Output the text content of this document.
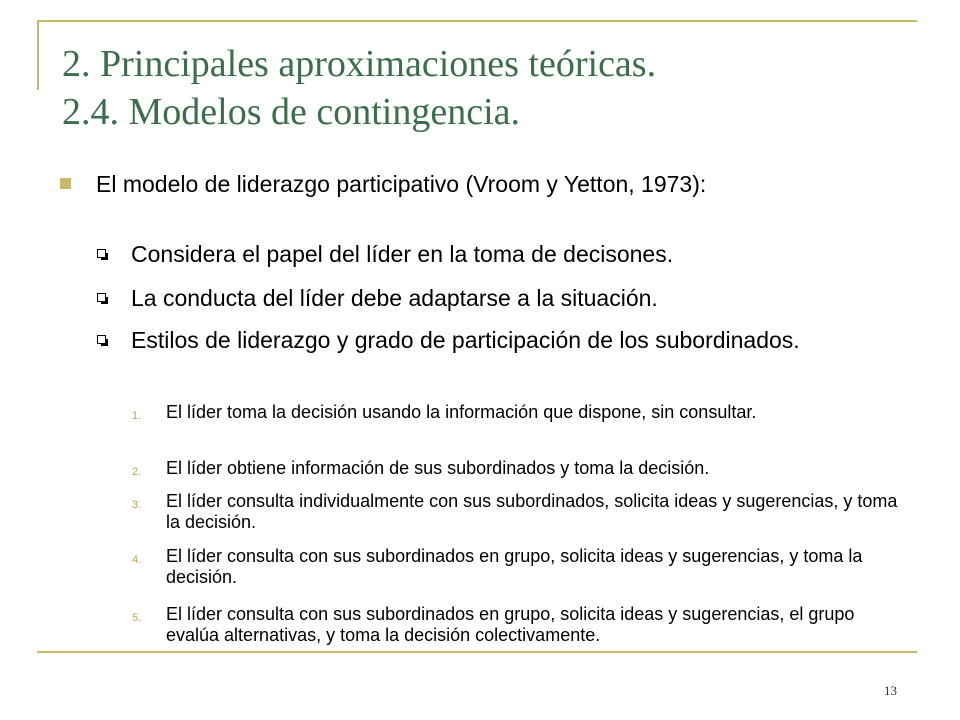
2. Principales aproximaciones teóricas.
2.4. Modelos de contingencia.
El modelo de liderazgo participativo (Vroom y Yetton, 1973):
Considera el papel del líder en la toma de decisones.
La conducta del líder debe adaptarse a la situación.
Estilos de liderazgo y grado de participación de los subordinados.
1. El líder toma la decisión usando la información que dispone, sin consultar.
2. El líder obtiene información de sus subordinados y toma la decisión.
3. El líder consulta individualmente con sus subordinados, solicita ideas y sugerencias, y toma la decisión.
4. El líder consulta con sus subordinados en grupo, solicita ideas y sugerencias, y toma la decisión.
5. El líder consulta con sus subordinados en grupo, solicita ideas y sugerencias, el grupo evalúa alternativas, y toma la decisión colectivamente.
13
